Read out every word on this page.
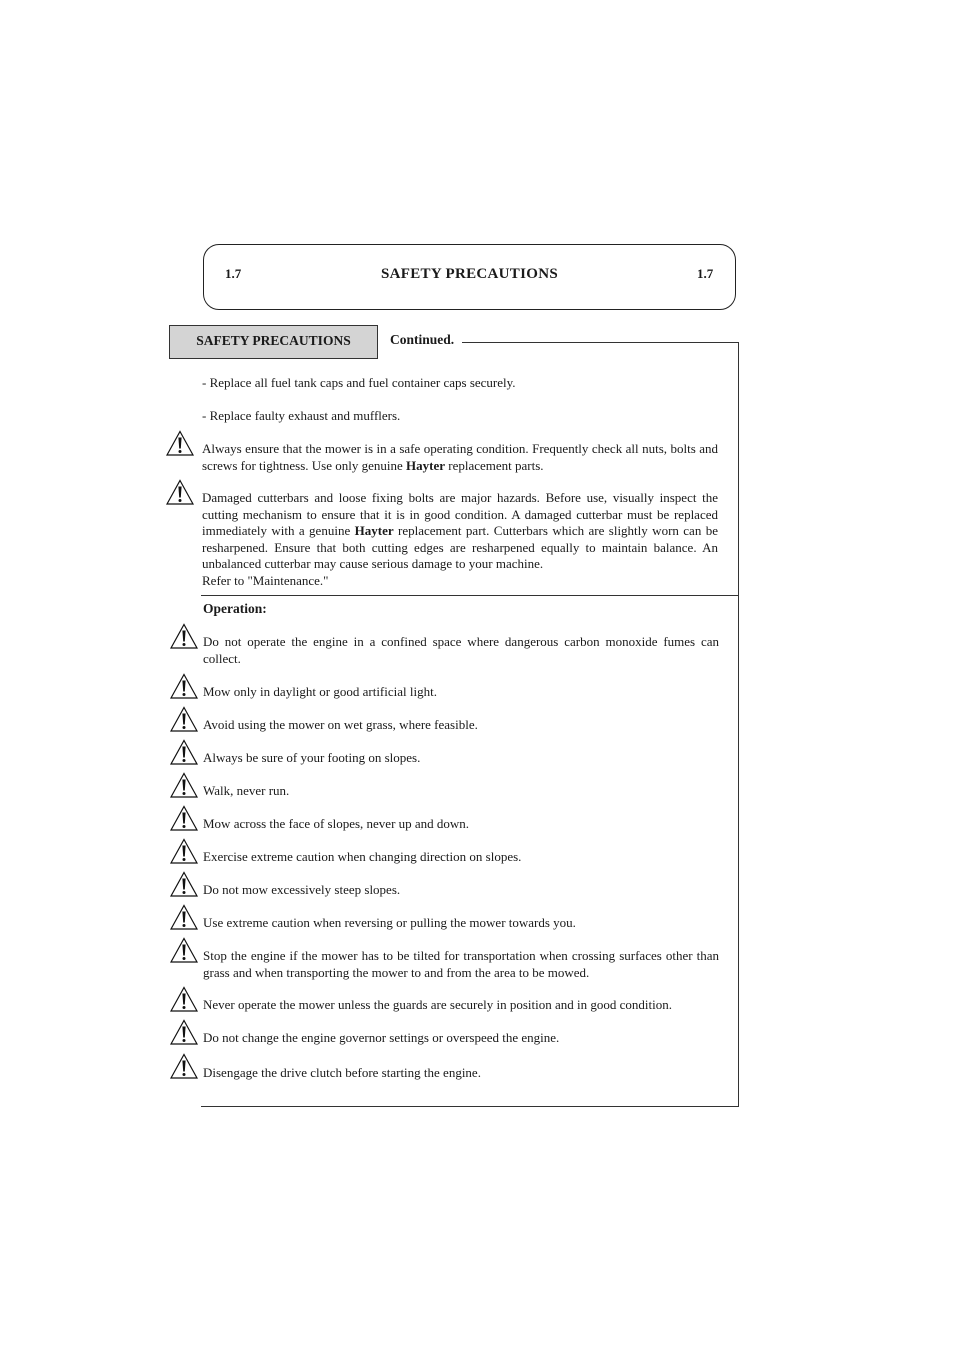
1.7	SAFETY PRECAUTIONS	1.7
SAFETY PRECAUTIONS	Continued.
- Replace all fuel tank caps and fuel container caps securely.
- Replace faulty exhaust and mufflers.
Always ensure that the mower is in a safe operating condition. Frequently check all nuts, bolts and screws for tightness. Use only genuine Hayter replacement parts.
Damaged cutterbars and loose fixing bolts are major hazards. Before use, visually inspect the cutting mechanism to ensure that it is in good condition. A damaged cutterbar must be replaced immediately with a genuine Hayter replacement part. Cutterbars which are slightly worn can be resharpened. Ensure that both cutting edges are resharpened equally to maintain balance. An unbalanced cutterbar may cause serious damage to your machine.
Refer to "Maintenance."
Operation:
Do not operate the engine in a confined space where dangerous carbon monoxide fumes can collect.
Mow only in daylight or good artificial light.
Avoid using the mower on wet grass, where feasible.
Always be sure of your footing on slopes.
Walk, never run.
Mow across the face of slopes, never up and down.
Exercise extreme caution when changing direction on slopes.
Do not mow excessively steep slopes.
Use extreme caution when reversing or pulling the mower towards you.
Stop the engine if the mower has to be tilted for transportation when crossing surfaces other than grass and when transporting the mower to and from the area to be mowed.
Never operate the mower unless the guards are securely in position and in good condition.
Do not change the engine governor settings or overspeed the engine.
Disengage the drive clutch before starting the engine.
